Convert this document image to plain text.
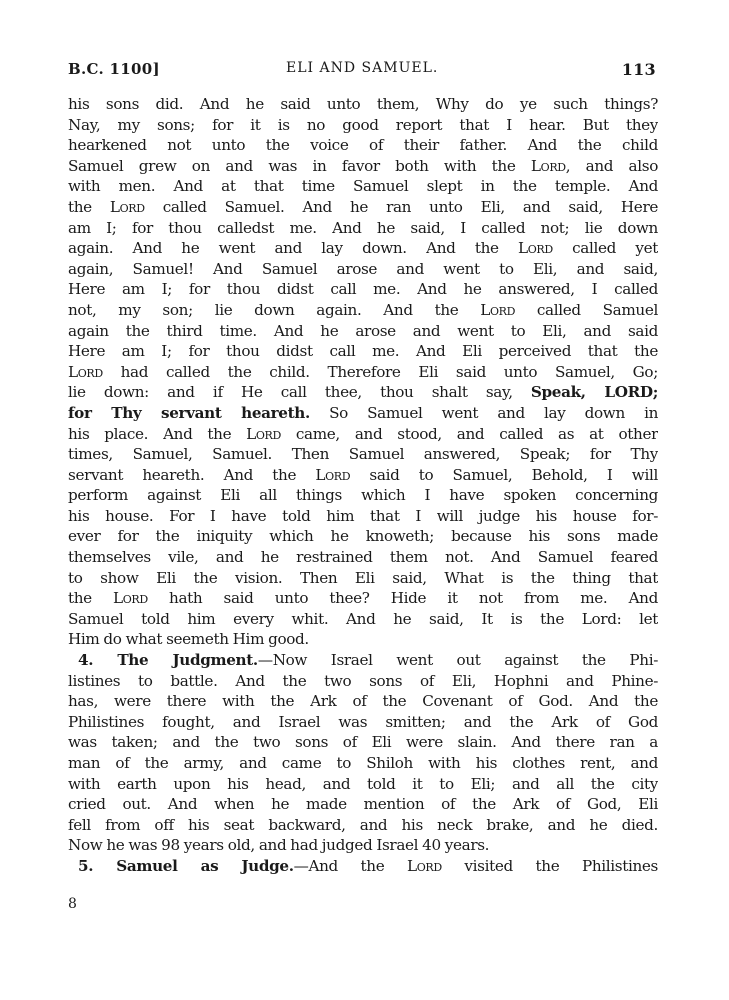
B.C. 1100]	ELI AND SAMUEL.	113
his sons did. And he said unto them, Why do ye such things?
Nay, my sons; for it is no good report that I hear. But they
hearkened not unto the voice of their father. And the child
Samuel grew on and was in favor both with the Lord, and also
with men. And at that time Samuel slept in the temple. And
the Lord called Samuel. And he ran unto Eli, and said, Here
am I; for thou calledst me. And he said, I called not; lie down
again. And he went and lay down. And the Lord called yet
again, Samuel! And Samuel arose and went to Eli, and said,
Here am I; for thou didst call me. And he answered, I called
not, my son; lie down again. And the Lord called Samuel
again the third time. And he arose and went to Eli, and said
Here am I; for thou didst call me. And Eli perceived that the
Lord had called the child. Therefore Eli said unto Samuel, Go;
lie down: and if He call thee, thou shalt say, Speak, LORD;
for Thy servant heareth. So Samuel went and lay down in
his place. And the Lord came, and stood, and called as at other
times, Samuel, Samuel. Then Samuel answered, Speak; for Thy
servant heareth. And the Lord said to Samuel, Behold, I will
perform against Eli all things which I have spoken concerning
his house. For I have told him that I will judge his house for-
ever for the iniquity which he knoweth; because his sons made
themselves vile, and he restrained them not. And Samuel feared
to show Eli the vision. Then Eli said, What is the thing that
the Lord hath said unto thee? Hide it not from me. And
Samuel told him every whit. And he said, It is the Lord: let
Him do what seemeth Him good.
4. The Judgment.—Now Israel went out against the Phi-
listines to battle. And the two sons of Eli, Hophni and Phine-
has, were there with the Ark of the Covenant of God. And the
Philistines fought, and Israel was smitten; and the Ark of God
was taken; and the two sons of Eli were slain. And there ran a
man of the army, and came to Shiloh with his clothes rent, and
with earth upon his head, and told it to Eli; and all the city
cried out. And when he made mention of the Ark of God, Eli
fell from off his seat backward, and his neck brake, and he died.
Now he was 98 years old, and had judged Israel 40 years.
5. Samuel as Judge.—And the Lord visited the Philistines
8
